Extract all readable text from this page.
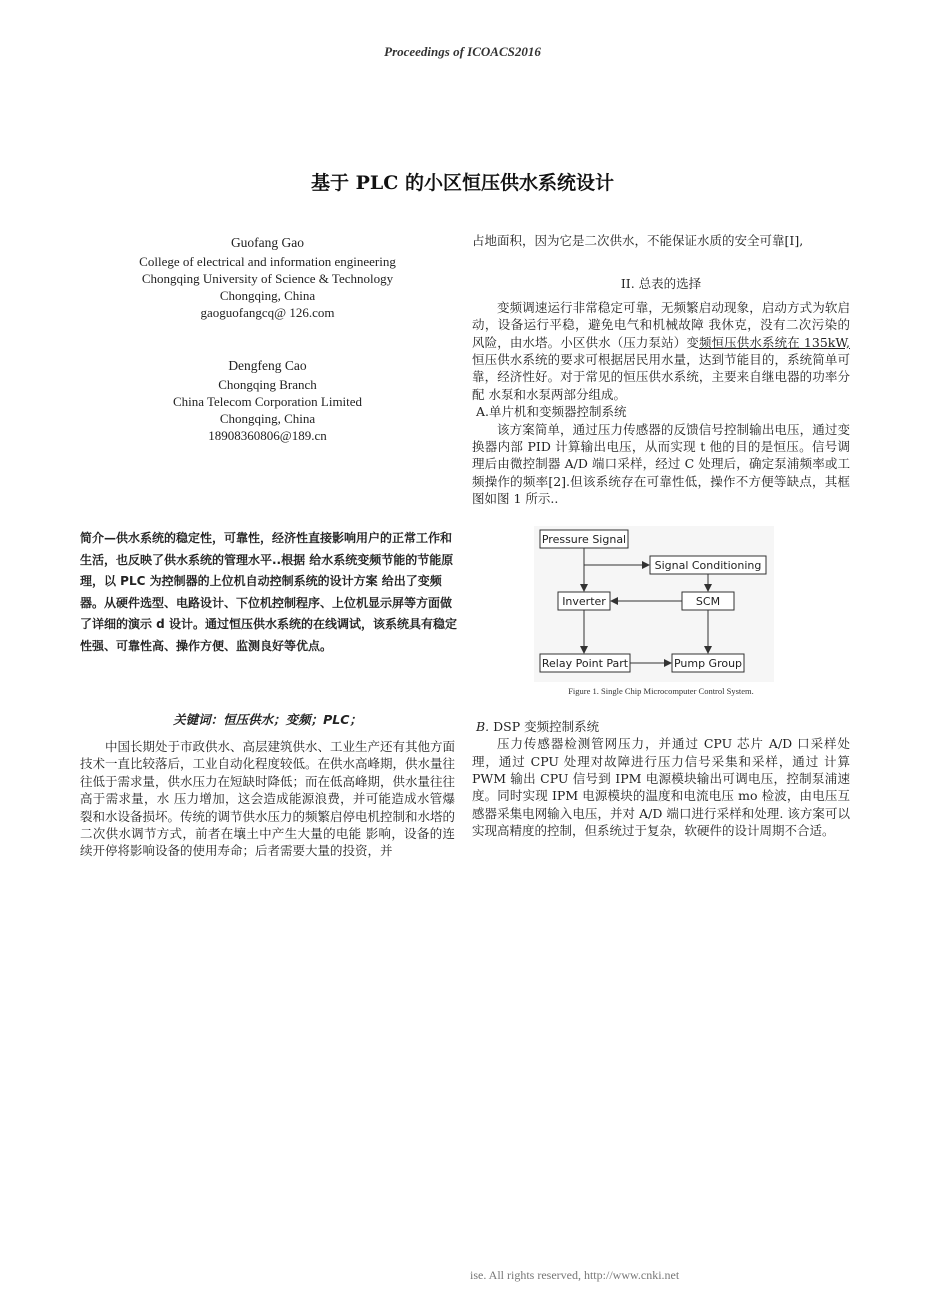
Proceedings of ICOACS2016
基于 PLC 的小区恒压供水系统设计
Guofang Gao
College of electrical and information engineering
Chongqing University of Science & Technology
Chongqing, China
gaoguofangcq@ 126.com
Dengfeng Cao
Chongqing Branch
China Telecom Corporation Limited
Chongqing, China
18908360806@189.cn
简介—供水系统的稳定性，可靠性，经济性直接影响用户的正常工作和生活，也反映了供水系统的管理水平..根据 给水系统变频节能的节能原理，以 PLC 为控制器的上位机自动控制系统的设计方案 给出了变频器。从硬件选型、电路设计、下位机控制程序、上位机显示屏等方面做了详细的演示 d 设计。通过恒压供水系统的在线调试，该系统具有稳定性强、可靠性高、操作方便、监测良好等优点。
关键词：恒压供水；变频；PLC；

中国长期处于市政供水、高层建筑供水、工业生产还有其他方面技术一直比较落后，工业自动化程度较低。在供水高峰期，供水量往往低于需求量，供水压力在短缺时降低；而在低高峰期，供水量往往高于需求量，水 压力增加，这会造成能源浪费，并可能造成水管爆裂和水设备损坏。传统的调节供水压力的频繁启停电机控制和水塔的二次供水调节方式，前者在壤土中产生大量的电能 影响，设备的连续开停将影响设备的使用寿命；后者需要大量的投资，并

占地面积，因为它是二次供水，不能保证水质的安全可靠[I],

II. 总表的选择

变频调速运行非常稳定可靠，无频繁启动现象，启动方式为软启动，设备运行平稳，避免电气和机械故障 我休克，没有二次污染的风险，由水塔。小区供水（压力泵站）变频恒压供水系统在 135kW,恒压供水系统的要求可根据居民用水量，达到节能目的，系统简单可靠，经济性好。对于常见的恒压供水系统，主要来自继电器的功率分配 水泵和水泵两部分组成。

A.单片机和变频器控制系统

该方案简单，通过压力传感器的反馈信号控制输出电压，通过变换器内部 PID 计算输出电压，从而实现 t 他的目的是恒压。信号调理后由微控制器 A/D 端口采样，经过 C 处理后，确定泵浦频率或工频操作的频率[2].但该系统存在可靠性低，操作不方便等缺点，其框图如图 1 所示..

Pressure Signal
Signal Conditioning
Inverter	SCM
Relay Point Part	Pump Group
Figure 1. Single Chip Microcomputer Control System.

B. DSP 变频控制系统

压力传感器检测管网压力，并通过 CPU 芯片 A/D 口采样处理，通过 CPU 处理对故障进行压力信号采集和采样，通过 计算 PWM 输出 CPU 信号到 IPM 电源模块输出可调电压，控制泵浦速度。同时实现 IPM 电源模块的温度和电流电压 mo 检波，由电压互感器采集电网输入电压，并对 A/D 端口进行采样和处理. 该方案可以实现高精度的控制，但系统过于复杂，软硬件的设计周期不合适。

ise. All rights reserved, http://www.cnki.net
